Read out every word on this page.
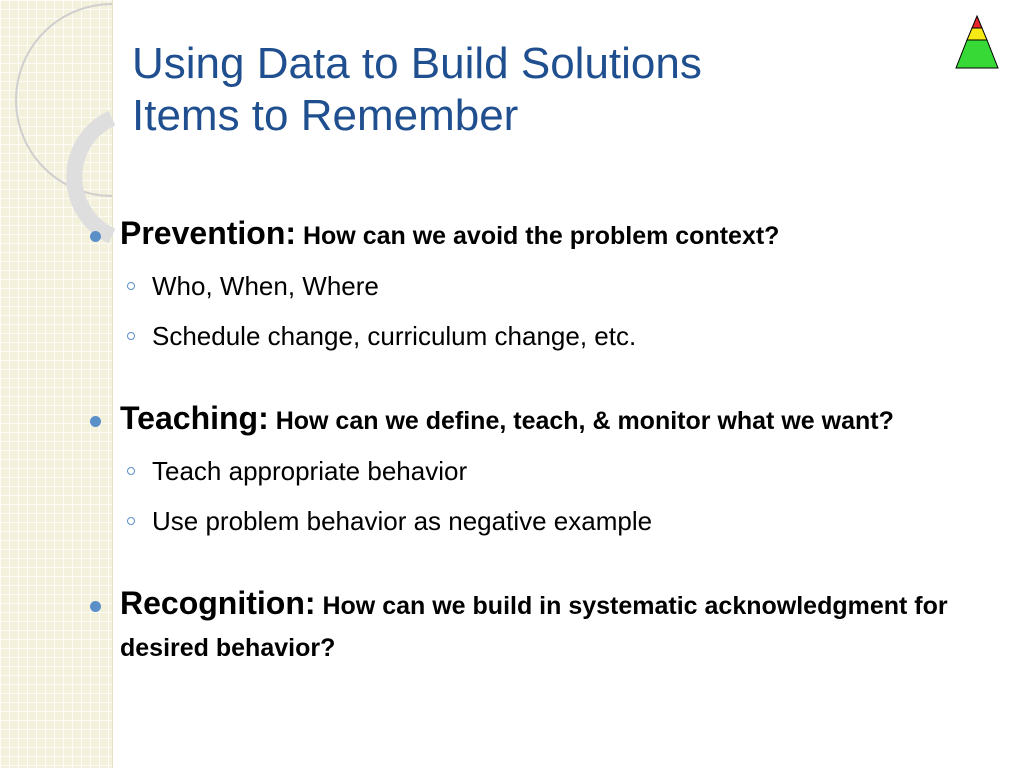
Using Data to Build Solutions
Items to Remember
Prevention: How can we avoid the problem context?
Who, When, Where
Schedule change, curriculum change, etc.
Teaching: How can we define, teach, & monitor what we want?
Teach appropriate behavior
Use problem behavior as negative example
Recognition: How can we build in systematic acknowledgment for desired behavior?
